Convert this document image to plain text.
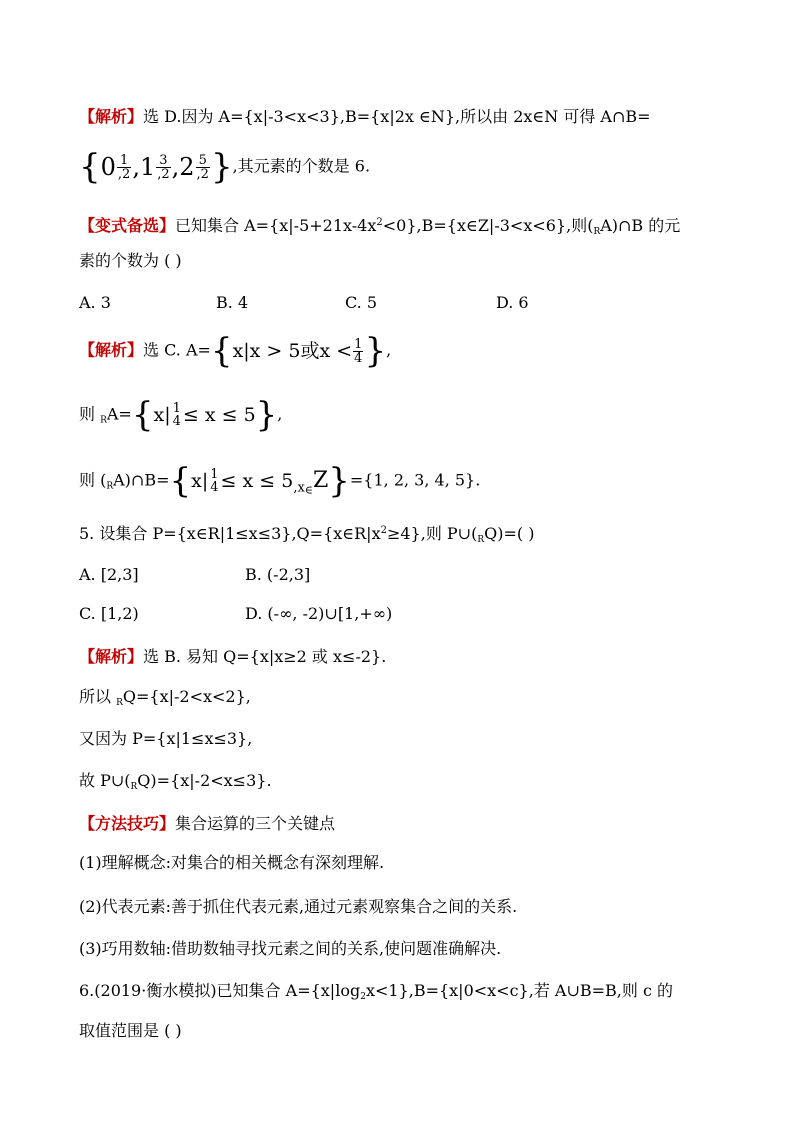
【解析】选 D.因为 A={x|-3<x<3},B={x|2x ∈N},所以由 2x∈N 可得 A∩B=
{$0 \frac{1}{,2} ,1 \frac{3}{,2} ,2 \frac{5}{,2}$ },其元素的个数是 6.
【变式备选】已知集合 $A=\{x|-5+21x-4x^2<0\},B=\{x\in Z|-3<x<6\}$,则$(_RA)\cap B$ 的元
素的个数为 ( )
A. 3	B. 4	C. 5	D. 6
【解析】选 C. A={x|x > 5或$x < \frac{1}{4}$ },
则 $_R$A={x| 1
4 ≤ x ≤ 5},
则 $(_RA)\cap B=\{x|$ 1
$4 \le x \le 5_{,x\in}Z\}=\{1$, 2, 3, 4, 5}.
5. 设集合 $P=\{x\in R|1\le x\le 3\},Q=\{x\in R|x^2\ge 4\}$,则 $P\cup(_RQ)=$( )
A. [2,3]	B. (-2,3]
C. [1,2)	D. (-∞, -2)∪[1,+∞)
【解析】选 B. 易知 Q={x|x≥2 或 x≤-2}.
所以 $_R$Q={x|-2<x<2},
又因为 P={x|1≤x≤3},
故 $P\cup(_RQ)=\{x|-2<x\le 3\}$.
【方法技巧】集合运算的三个关键点
(1)理解概念:对集合的相关概念有深刻理解.
(2)代表元素:善于抓住代表元素,通过元素观察集合之间的关系.
(3)巧用数轴:借助数轴寻找元素之间的关系,使问题准确解决.
6.(2019·衡水模拟)已知集合 $A=\{x|\log_2x<1\},B=\{x|0<x<c\}$,若 A∪B=B,则 c 的
取值范围是 ( )
